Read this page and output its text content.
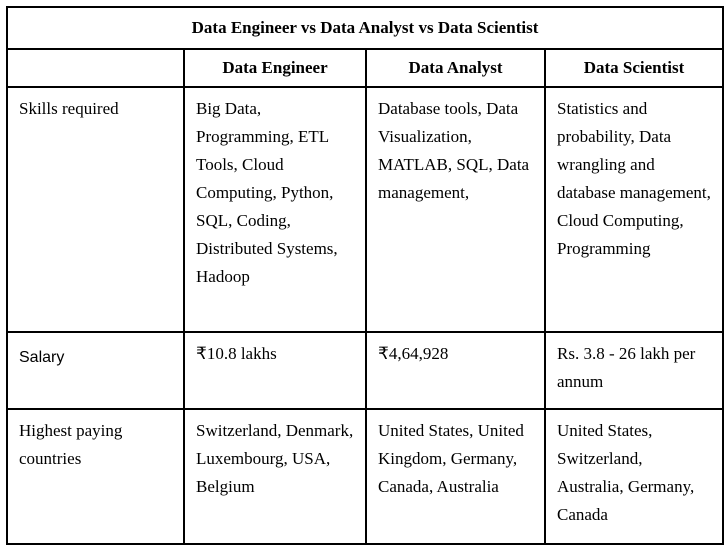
Data Engineer vs Data Analyst vs Data Scientist			
	Data Engineer	Data Analyst	Data Scientist
Skills required	Big Data, Programming, ETL Tools, Cloud Computing, Python, SQL, Coding, Distributed Systems, Hadoop	Database tools, Data Visualization, MATLAB, SQL, Data management,	Statistics and probability, Data wrangling and database management, Cloud Computing, Programming
Salary	₹10.8 lakhs	₹4,64,928	Rs. 3.8 - 26 lakh per annum
Highest paying countries	Switzerland, Denmark, Luxembourg, USA, Belgium	United States, United Kingdom, Germany, Canada, Australia	United States, Switzerland, Australia, Germany, Canada
